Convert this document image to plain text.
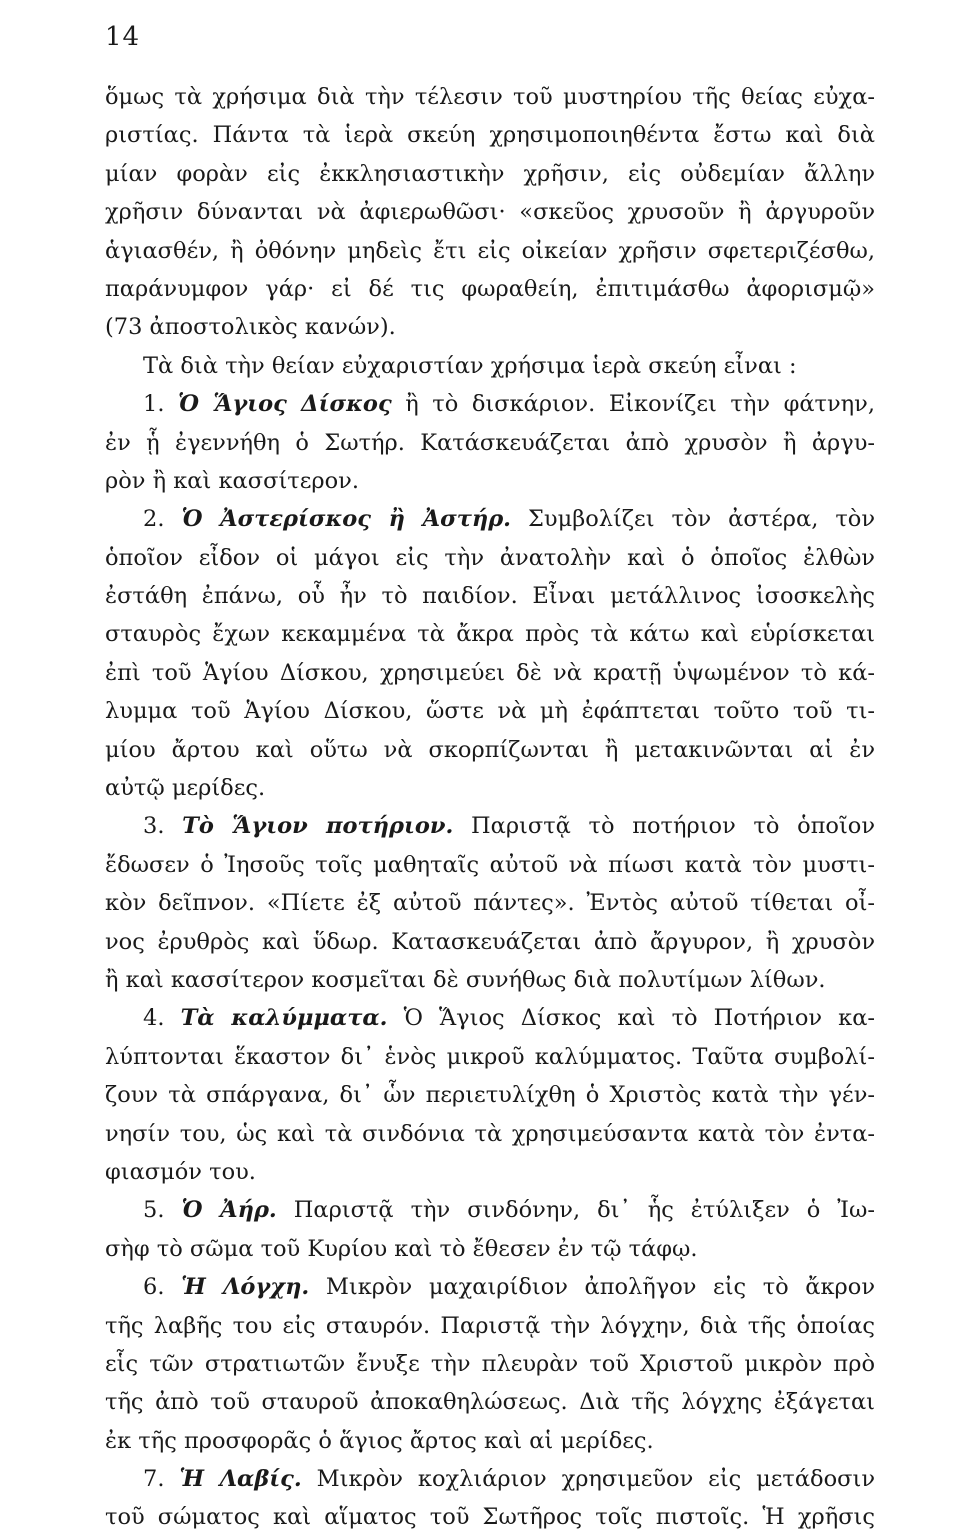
14
ὅμως τὰ χρήσιμα διὰ τὴν τέλεσιν τοῦ μυστηρίου τῆς θείας εὐχα-
ριστίας. Πάντα τὰ ἱερὰ σκεύη χρησιμοποιηθέντα ἔστω καὶ διὰ
μίαν φορὰν εἰς ἐκκλησιαστικὴν χρῆσιν, εἰς οὐδεμίαν ἄλλην
χρῆσιν δύνανται νὰ ἀφιερωθῶσι· «σκεῦος χρυσοῦν ἢ ἀργυροῦν
ἁγιασθέν, ἢ ὀθόνην μηδεὶς ἔτι εἰς οἰκείαν χρῆσιν σφετεριζέσθω,
παράνυμφον γάρ· εἰ δέ τις φωραθείη, ἐπιτιμάσθω ἀφορισμῷ»
(73 ἀποστολικὸς κανών).
Τὰ διὰ τὴν θείαν εὐχαριστίαν χρήσιμα ἱερὰ σκεύη εἶναι :
1. Ὁ Ἅγιος Δίσκος ἢ τὸ δισκάριον. Εἰκονίζει τὴν φάτνην,
ἐν ᾗ ἐγεννήθη ὁ Σωτήρ. Κατάσκευάζεται ἀπὸ χρυσὸν ἢ ἀργυ-
ρὸν ἢ καὶ κασσίτερον.
2. Ὁ Ἀστερίσκος ἢ Ἀστήρ. Συμβολίζει τὸν ἀστέρα, τὸν
ὁποῖον εἶδον οἱ μάγοι εἰς τὴν ἀνατολὴν καὶ ὁ ὁποῖος ἐλθὼν
ἐστάθη ἐπάνω, οὗ ἦν τὸ παιδίον. Εἶναι μετάλλινος ἰσοσκελὴς
σταυρὸς ἔχων κεκαμμένα τὰ ἄκρα πρὸς τὰ κάτω καὶ εὑρίσκεται
ἐπὶ τοῦ Ἁγίου Δίσκου, χρησιμεύει δὲ νὰ κρατῇ ὑψωμένον τὸ κά-
λυμμα τοῦ Ἁγίου Δίσκου, ὥστε νὰ μὴ ἐφάπτεται τοῦτο τοῦ τι-
μίου ἄρτου καὶ οὕτω νὰ σκορπίζωνται ἢ μετακινῶνται αἱ ἐν
αὐτῷ μερίδες.
3. Τὸ Ἅγιον ποτήριον. Παριστᾷ τὸ ποτήριον τὸ ὁποῖον
ἔδωσεν ὁ Ἰησοῦς τοῖς μαθηταῖς αὐτοῦ νὰ πίωσι κατὰ τὸν μυστι-
κὸν δεῖπνον. «Πίετε ἐξ αὐτοῦ πάντες». Ἐντὸς αὐτοῦ τίθεται οἶ-
νος ἐρυθρὸς καὶ ὕδωρ. Κατασκευάζεται ἀπὸ ἄργυρον, ἢ χρυσὸν
ἢ καὶ κασσίτερον κοσμεῖται δὲ συνήθως διὰ πολυτίμων λίθων.
4. Τὰ καλύμματα. Ὁ Ἅγιος Δίσκος καὶ τὸ Ποτήριον κα-
λύπτονται ἕκαστον δι᾽ ἑνὸς μικροῦ καλύμματος. Ταῦτα συμβολί-
ζουν τὰ σπάργανα, δι᾽ ὧν περιετυλίχθη ὁ Χριστὸς κατὰ τὴν γέν-
νησίν του, ὡς καὶ τὰ σινδόνια τὰ χρησιμεύσαντα κατὰ τὸν ἐντα-
φιασμόν του.
5. Ὁ Ἀήρ. Παριστᾷ τὴν σινδόνην, δι᾽ ἧς ἐτύλιξεν ὁ Ἰω-
σὴφ τὸ σῶμα τοῦ Κυρίου καὶ τὸ ἔθεσεν ἐν τῷ τάφῳ.
6. Ἡ Λόγχη. Μικρὸν μαχαιρίδιον ἀπολῆγον εἰς τὸ ἄκρον
τῆς λαβῆς του εἰς σταυρόν. Παριστᾷ τὴν λόγχην, διὰ τῆς ὁποίας
εἷς τῶν στρατιωτῶν ἔνυξε τὴν πλευρὰν τοῦ Χριστοῦ μικρὸν πρὸ
τῆς ἀπὸ τοῦ σταυροῦ ἀποκαθηλώσεως. Διὰ τῆς λόγχης ἐξάγεται
ἐκ τῆς προσφορᾶς ὁ ἅγιος ἄρτος καὶ αἱ μερίδες.
7. Ἡ Λαβίς. Μικρὸν κοχλιάριον χρησιμεῦον εἰς μετάδοσιν
τοῦ σώματος καὶ αἵματος τοῦ Σωτῆρος τοῖς πιστοῖς. Ἡ χρῆσις
